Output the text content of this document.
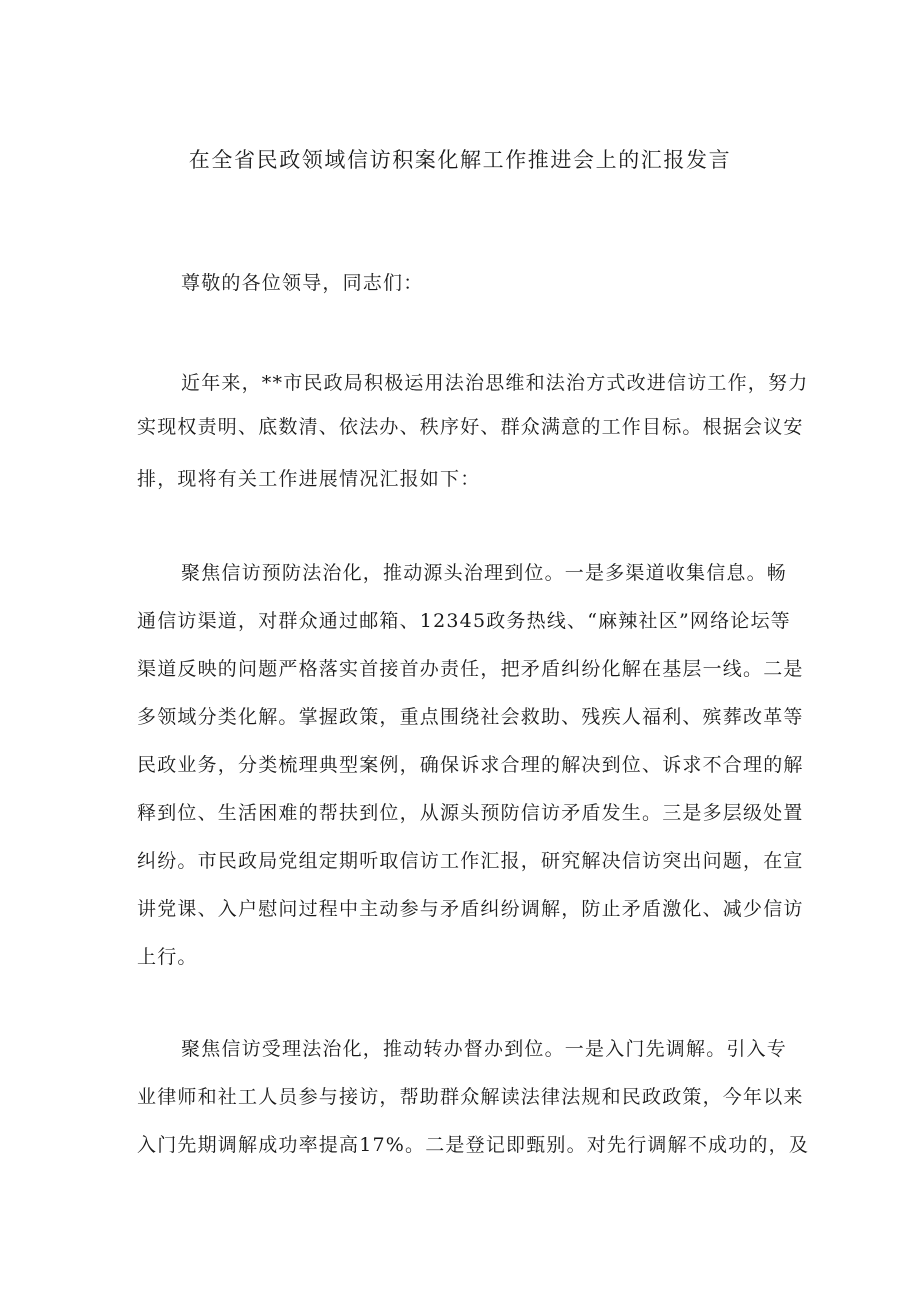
在全省民政领域信访积案化解工作推进会上的汇报发言

尊敬的各位领导，同志们：

近年来，**市民政局积极运用法治思维和法治方式改进信访工作，努力

实现权责明、底数清、依法办、秩序好、群众满意的工作目标。根据会议安

排，现将有关工作进展情况汇报如下：

聚焦信访预防法治化，推动源头治理到位。一是多渠道收集信息。畅

通信访渠道，对群众通过邮箱、12345政务热线、“麻辣社区”网络论坛等

渠道反映的问题严格落实首接首办责任，把矛盾纠纷化解在基层一线。二是

多领域分类化解。掌握政策，重点围绕社会救助、残疾人福利、殡葬改革等

民政业务，分类梳理典型案例，确保诉求合理的解决到位、诉求不合理的解

释到位、生活困难的帮扶到位，从源头预防信访矛盾发生。三是多层级处置

纠纷。市民政局党组定期听取信访工作汇报，研究解决信访突出问题，在宣

讲党课、入户慰问过程中主动参与矛盾纠纷调解，防止矛盾激化、减少信访

上行。

聚焦信访受理法治化，推动转办督办到位。一是入门先调解。引入专

业律师和社工人员参与接访，帮助群众解读法律法规和民政政策，今年以来

入门先期调解成功率提高17%。二是登记即甄别。对先行调解不成功的，及
